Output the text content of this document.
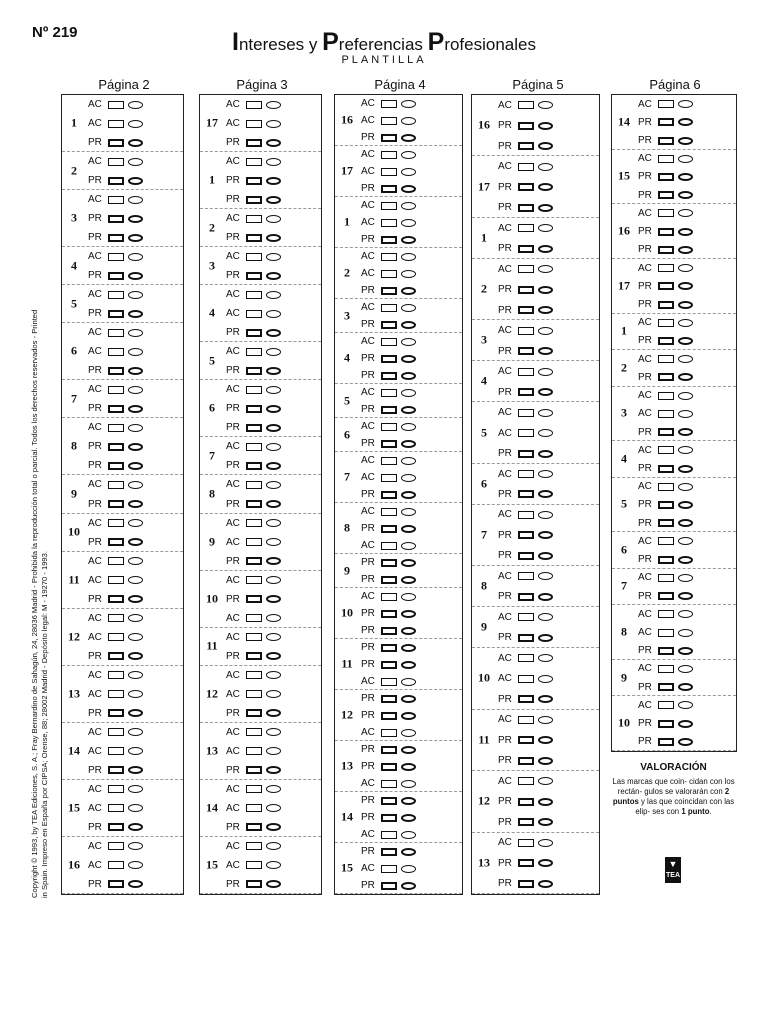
Nº 219	Intereses y Preferencias Profesionales
PLANTILLA
Copyright © 1993, by TEA Ediciones, S. A.; Fray Bernardino de Sahagún, 24, 28036 Madrid - Prohibida la reproducción total o parcial. Todos los derechos reservados - Printed in Spain. Impreso en España por CIPSA; Orense, 88; 28002 Madrid - Depósito legal: M - 19270 - 1993.
Página 2
1
AC
AC
PR
2
AC
PR
3
AC
PR
PR
4
AC
PR
5
AC
PR
6
AC
AC
PR
7
AC
PR
8
AC
PR
PR
9
AC
PR
10
AC
PR
11
AC
AC
PR
12
AC
AC
PR
13
AC
AC
PR
14
AC
AC
PR
15
AC
AC
PR
16
AC
AC
PR
Página 3
17
AC
AC
PR
1
AC
PR
PR
2
AC
PR
3
AC
PR
4
AC
AC
PR
5
AC
PR
6
AC
PR
PR
7
AC
PR
8
AC
PR
9
AC
AC
PR
10
AC
PR
AC
11
AC
PR
12
AC
AC
PR
13
AC
AC
PR
14
AC
AC
PR
15
AC
AC
PR
Página 4
16
AC
AC
PR
17
AC
AC
PR
1
AC
AC
PR
2
AC
AC
PR
3
AC
PR
4
AC
PR
PR
5
AC
PR
6
AC
PR
7
AC
AC
PR
8
AC
PR
AC
9
PR
PR
10
AC
PR
PR
11
PR
PR
AC
12
PR
PR
AC
13
PR
PR
AC
14
PR
PR
AC
15
PR
AC
PR
Página 5
16
AC
PR
PR
17
AC
PR
PR
1
AC
PR
2
AC
PR
PR
3
AC
PR
4
AC
PR
5
AC
AC
PR
6
AC
PR
7
AC
PR
PR
8
AC
PR
9
AC
PR
10
AC
AC
PR
11
AC
PR
PR
12
AC
PR
PR
13
AC
PR
PR
Página 6
14
AC
PR
PR
15
AC
PR
PR
16
AC
PR
PR
17
AC
PR
PR
1
AC
PR
2
AC
PR
3
AC
AC
PR
4
AC
PR
5
AC
PR
PR
6
AC
PR
7
AC
PR
8
AC
AC
PR
9
AC
PR
10
AC
PR
PR
VALORACIÓN
Las marcas que coin- cidan con los rectán- gulos se valorarán con 2 puntos y las que coincidan con las elip- ses con 1 punto.
▼
TEA
